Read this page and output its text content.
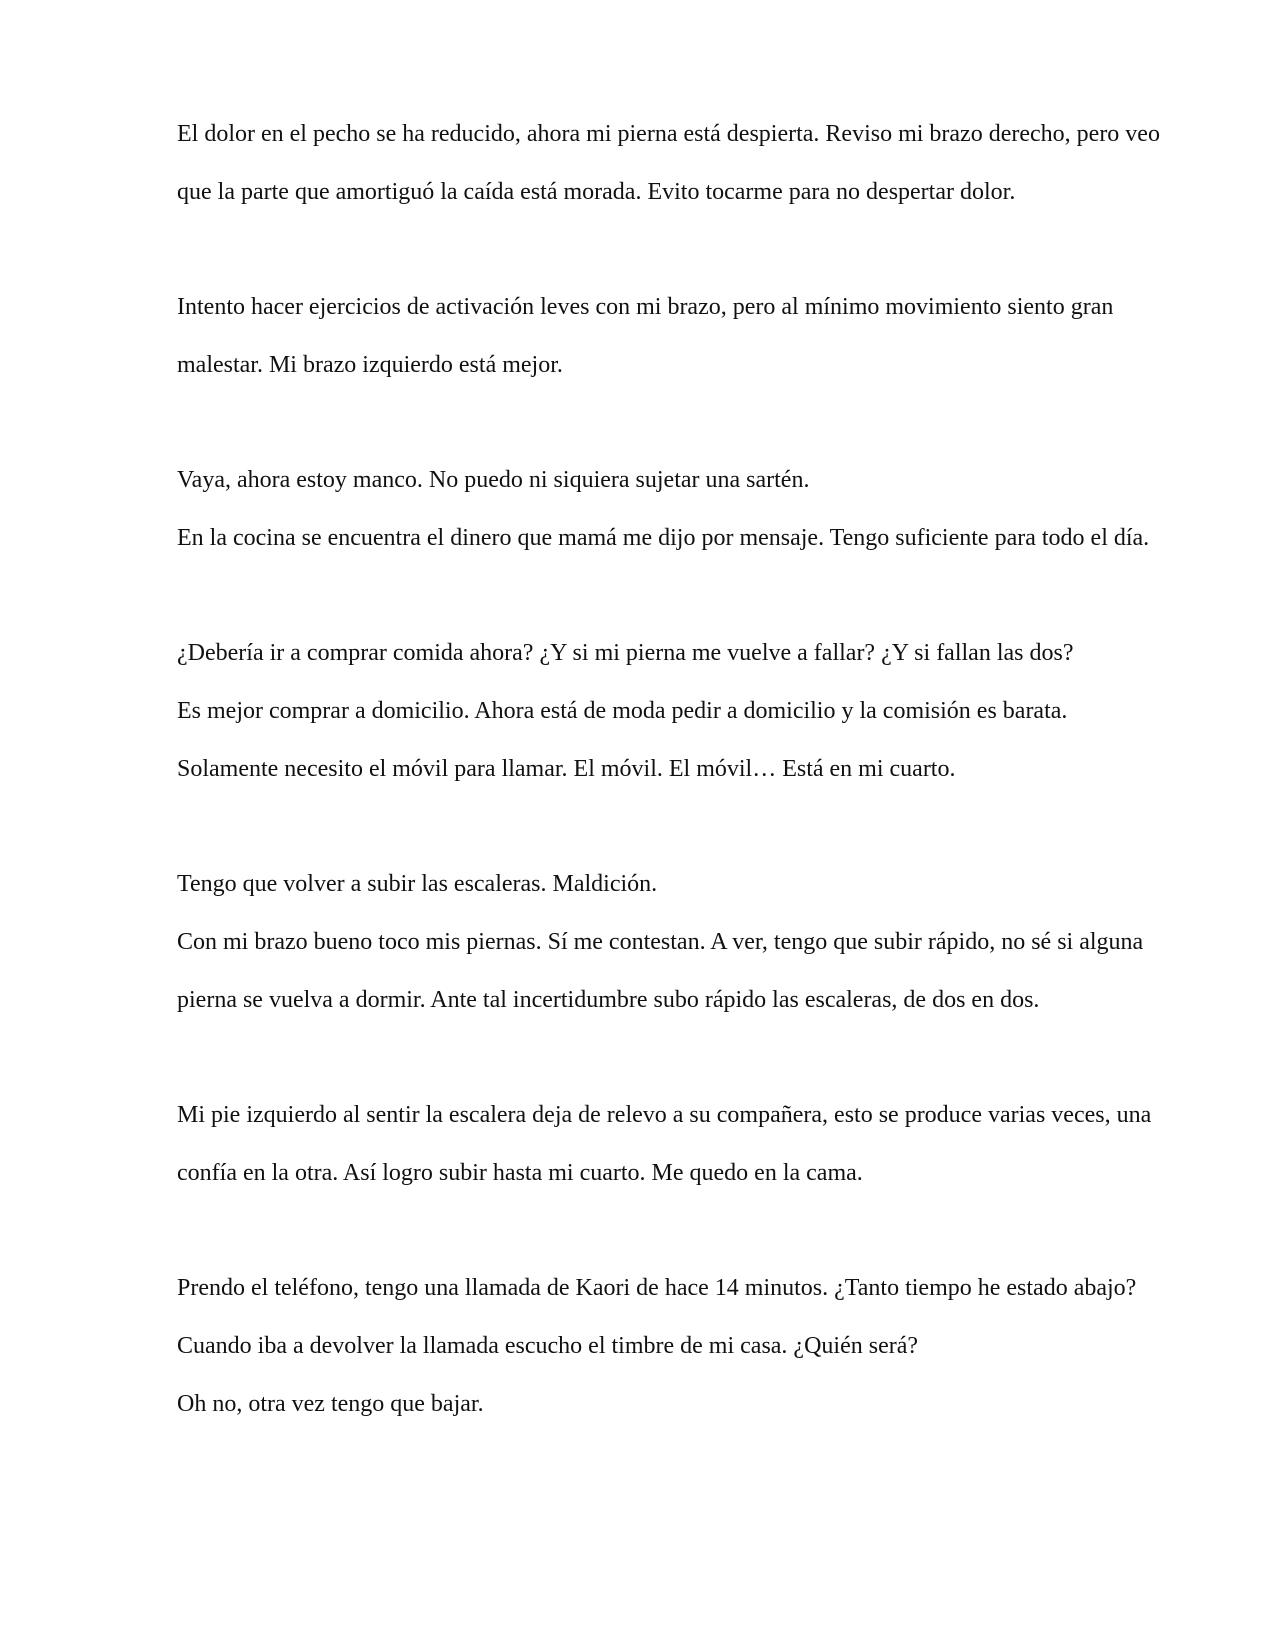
El dolor en el pecho se ha reducido, ahora mi pierna está despierta. Reviso mi brazo derecho, pero veo
que la parte que amortiguó la caída está morada. Evito tocarme para no despertar dolor.

Intento hacer ejercicios de activación leves con mi brazo, pero al mínimo movimiento siento gran
malestar. Mi brazo izquierdo está mejor.

Vaya, ahora estoy manco. No puedo ni siquiera sujetar una sartén.
En la cocina se encuentra el dinero que mamá me dijo por mensaje. Tengo suficiente para todo el día.

¿Debería ir a comprar comida ahora? ¿Y si mi pierna me vuelve a fallar? ¿Y si fallan las dos?
Es mejor comprar a domicilio. Ahora está de moda pedir a domicilio y la comisión es barata.
Solamente necesito el móvil para llamar. El móvil. El móvil… Está en mi cuarto.

Tengo que volver a subir las escaleras. Maldición.
Con mi brazo bueno toco mis piernas. Sí me contestan. A ver, tengo que subir rápido, no sé si alguna
pierna se vuelva a dormir. Ante tal incertidumbre subo rápido las escaleras, de dos en dos.

Mi pie izquierdo al sentir la escalera deja de relevo a su compañera, esto se produce varias veces, una
confía en la otra. Así logro subir hasta mi cuarto. Me quedo en la cama.

Prendo el teléfono, tengo una llamada de Kaori de hace 14 minutos. ¿Tanto tiempo he estado abajo?
Cuando iba a devolver la llamada escucho el timbre de mi casa. ¿Quién será?
Oh no, otra vez tengo que bajar.
